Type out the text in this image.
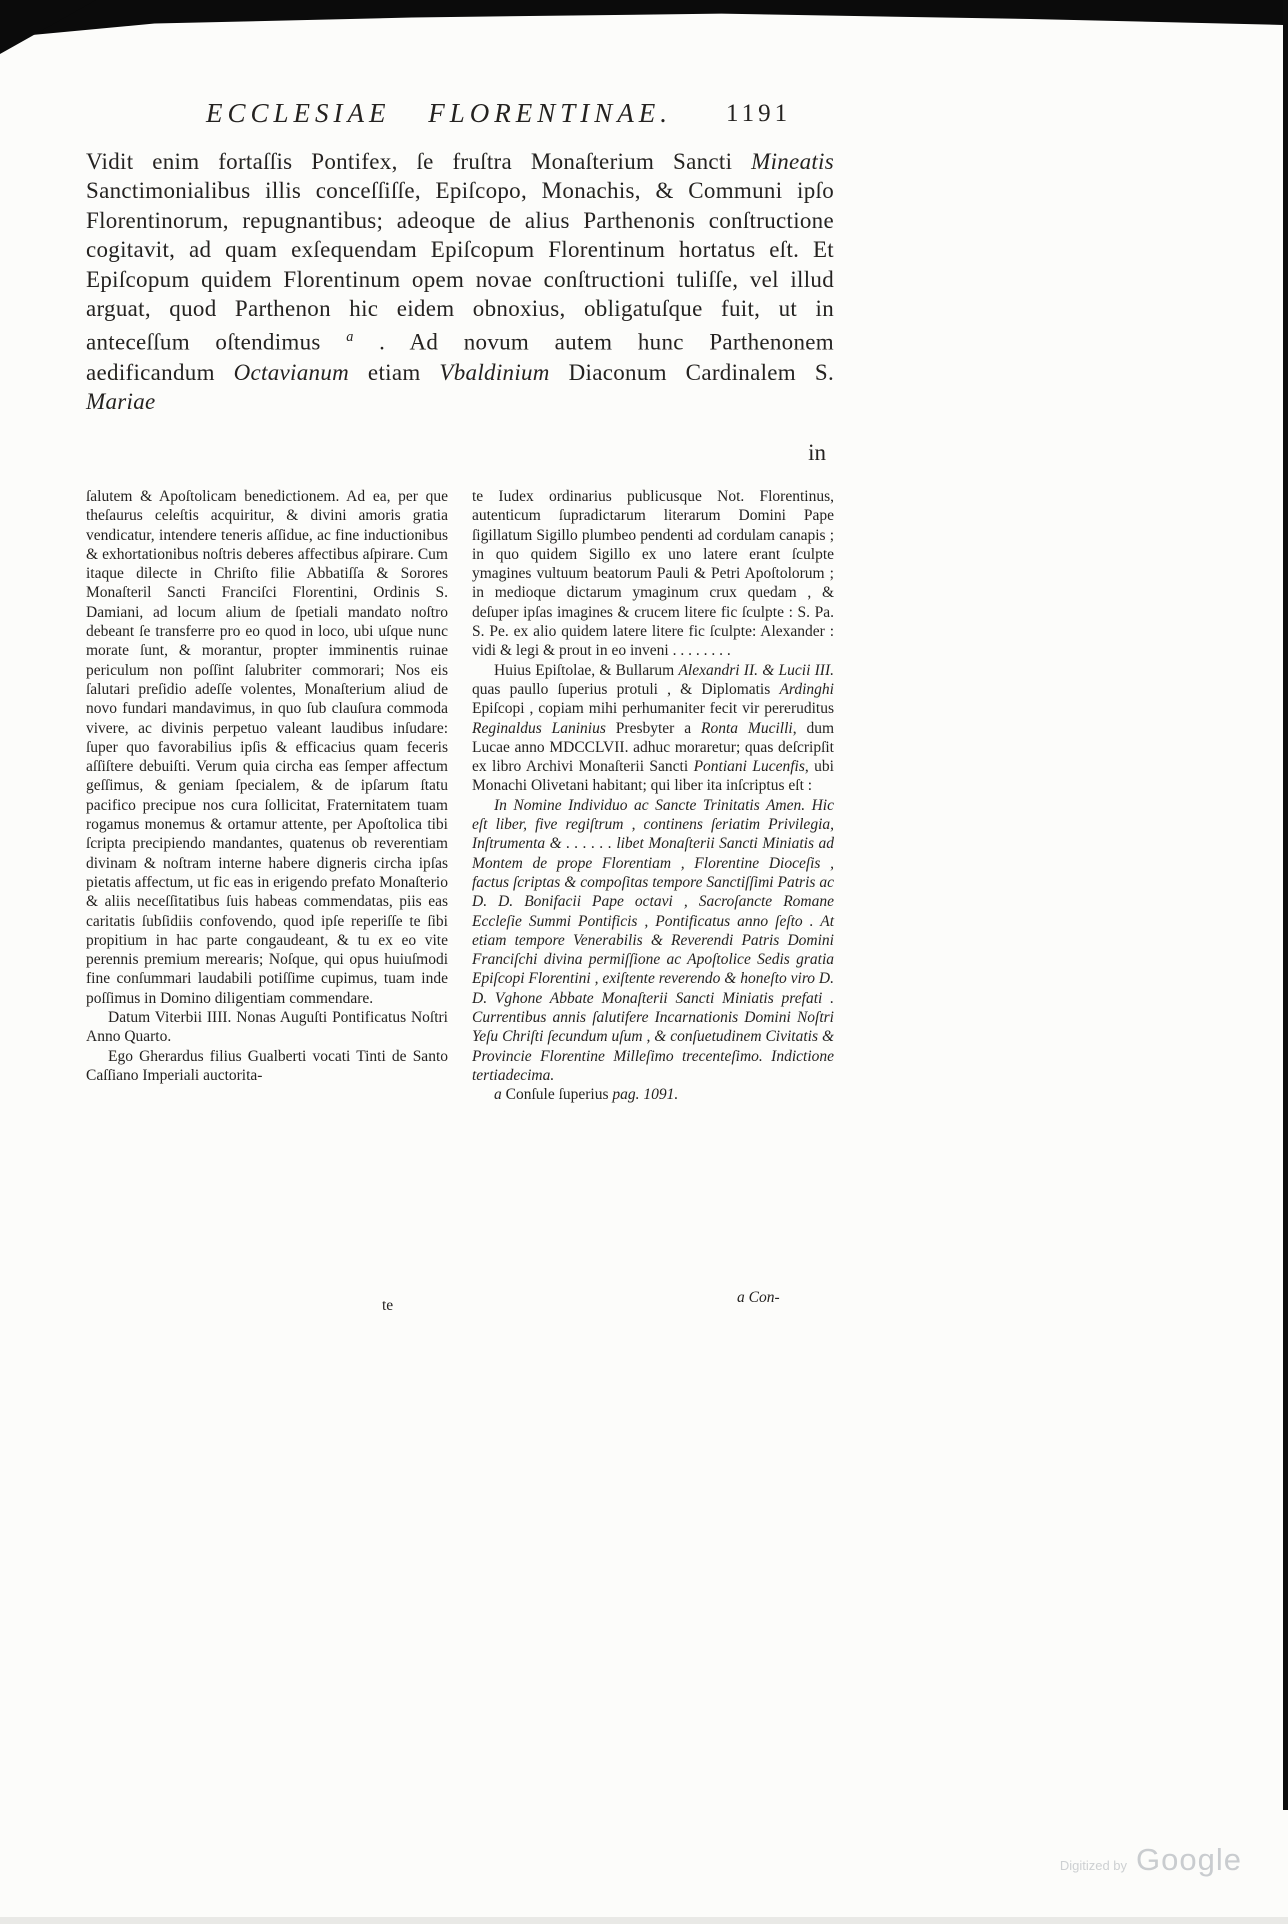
ECCLESIAE FLORENTINAE. 1191
Vidit enim fortaſſis Pontifex, ſe fruſtra Monaſterium Sancti Mineatis Sanctimonialibus illis conceſſiſſe, Epiſcopo, Monachis, & Communi ipſo Florentinorum, repugnantibus; adeoque de alius Parthenonis conſtructione cogitavit, ad quam exſequendam Epiſcopum Florentinum hortatus eſt. Et Epiſcopum quidem Florentinum opem novae conſtructioni tuliſſe, vel illud arguat, quod Parthenon hic eidem obnoxius, obligatuſque fuit, ut in anteceſſum oſtendimus $^a$ . Ad novum autem hunc Parthenonem aedificandum Octavianum etiam Vbaldinium Diaconum Cardinalem S. Mariae
in
ſalutem & Apoſtolicam benedictionem. Ad ea, per que theſaurus celeſtis acquiritur, & divini amoris gratia vendicatur, intendere teneris aſſidue, ac fine inductionibus & exhortationibus noſtris deberes affectibus aſpirare. Cum itaque dilecte in Chriſto filie Abbatiſſa & Sorores Monaſteril Sancti Franciſci Florentini, Ordinis S. Damiani, ad locum alium de ſpetiali mandato noſtro debeant ſe transferre pro eo quod in loco, ubi uſque nunc morate ſunt, & morantur, propter imminentis ruinae periculum non poſſint ſalubriter commorari; Nos eis ſalutari preſidio adeſſe volentes, Monaſterium aliud de novo fundari mandavimus, in quo ſub clauſura commoda vivere, ac divinis perpetuo valeant laudibus inſudare: ſuper quo favorabilius ipſis & efficacius quam feceris aſſiſtere debuiſti. Verum quia circha eas ſemper affectum geſſimus, & geniam ſpecialem, & de ipſarum ſtatu pacifico precipue nos cura ſollicitat, Fraternitatem tuam rogamus monemus & ortamur attente, per Apoſtolica tibi ſcripta precipiendo mandantes, quatenus ob reverentiam divinam & noſtram interne habere digneris circha ipſas pietatis affectum, ut fic eas in erigendo prefato Monaſterio & aliis neceſſitatibus ſuis habeas commendatas, piis eas caritatis ſubſidiis confovendo, quod ipſe reperiſſe te ſibi propitium in hac parte congaudeant, & tu ex eo vite perennis premium merearis; Noſque, qui opus huiuſmodi fine conſummari laudabili potiſſime cupimus, tuam inde poſſimus in Domino diligentiam commendare.
Datum Viterbii IIII. Nonas Auguſti Pontificatus Noſtri Anno Quarto.
Ego Gherardus filius Gualberti vocati Tinti de Santo Caſſiano Imperiali auctorita-
te Iudex ordinarius publicusque Not. Florentinus, autenticum ſupradictarum literarum Domini Pape ſigillatum Sigillo plumbeo pendenti ad cordulam canapis ; in quo quidem Sigillo ex uno latere erant ſculpte ymagines vultuum beatorum Pauli & Petri Apoſtolorum ; in medioque dictarum ymaginum crux quedam , & deſuper ipſas imagines & crucem litere fic ſculpte : S. Pa. S. Pe. ex alio quidem latere litere fic ſculpte: Alexander : vidi & legi & prout in eo inveni . . . . . . . .
Huius Epiſtolae, & Bullarum Alexandri II. & Lucii III. quas paullo ſuperius protuli , & Diplomatis Ardinghi Epiſcopi , copiam mihi perhumaniter fecit vir pereruditus Reginaldus Laninius Presbyter a Ronta Mucilli, dum Lucae anno MDCCLVII. adhuc moraretur; quas deſcripſit ex libro Archivi Monaſterii Sancti Pontiani Lucenfis, ubi Monachi Olivetani habitant; qui liber ita inſcriptus eſt :
In Nomine Individuo ac Sancte Trinitatis Amen. Hic eſt liber, five regiſtrum , continens ſeriatim Privilegia, Inſtrumenta & . . . . . . libet Monaſterii Sancti Miniatis ad Montem de prope Florentiam , Florentine Dioceſis , factus ſcriptas & compoſitas tempore Sanctiſſimi Patris ac D. D. Bonifacii Pape octavi , Sacroſancte Romane Eccleſie Summi Pontificis , Pontificatus anno ſeſto . At etiam tempore Venerabilis & Reverendi Patris Domini Franciſchi divina permiſſione ac Apoſtolice Sedis gratia Epiſcopi Florentini , exiſtente reverendo & honeſto viro D. D. Vghone Abbate Monaſterii Sancti Miniatis prefati . Currentibus annis ſalutifere Incarnationis Domini Noſtri Yeſu Chriſti ſecundum uſum , & conſuetudinem Civitatis & Provincie Florentine Milleſimo trecenteſimo. Indictione tertiadecima.
a Conſule ſuperius pag. 1091.
te	a Con-
Digitized by Google
